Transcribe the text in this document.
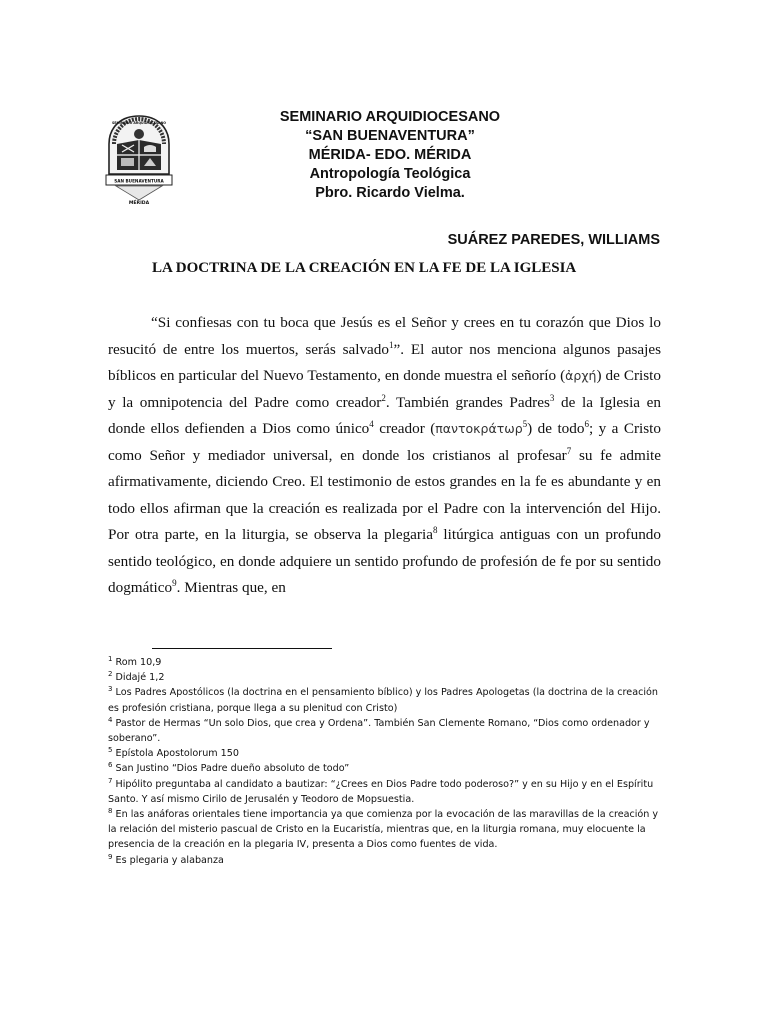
SAN BUENAVENTURA
MÉRIDA
SEMINARIO ARQUIDIOCESANO	SEMINARIO ARQUIDIOCESANO
“SAN BUENAVENTURA”
MÉRIDA- EDO. MÉRIDA
Antropología Teológica
Pbro. Ricardo Vielma.
SUÁREZ PAREDES, WILLIAMS
LA DOCTRINA DE LA CREACIÓN EN LA FE DE LA IGLESIA

“Si confiesas con tu boca que Jesús es el Señor y crees en tu corazón que Dios lo resucitó de entre los muertos, serás salvado$^1$”. El autor nos menciona algunos pasajes bíblicos en particular del Nuevo Testamento, en donde muestra el señorío (ἀρχή) de Cristo y la omnipotencia del Padre como creador$^2$. También grandes Padres$^3$ de la Iglesia en donde ellos defienden a Dios como único$^4$ creador (παντοκράτωρ$^5$) de todo$^6$; y a Cristo como Señor y mediador universal, en donde los cristianos al profesar$^7$ su fe admite afirmativamente, diciendo Creo. El testimonio de estos grandes en la fe es abundante y en todo ellos afirman que la creación es realizada por el Padre con la intervención del Hijo. Por otra parte, en la liturgia, se observa la plegaria$^8$ litúrgica antiguas con un profundo sentido teológico, en donde adquiere un sentido profundo de profesión de fe por su sentido dogmático$^9$. Mientras que, en

$^1$ Rom 10,9

$^2$ Didajé 1,2

$^3$ Los Padres Apostólicos (la doctrina en el pensamiento bíblico) y los Padres Apologetas (la doctrina de la creación es profesión cristiana, porque llega a su plenitud con Cristo)

$^4$ Pastor de Hermas “Un solo Dios, que crea y Ordena”. También San Clemente Romano, “Dios como ordenador y soberano”.

$^5$ Epístola Apostolorum 150

$^6$ San Justino “Dios Padre dueño absoluto de todo”

$^7$ Hipólito preguntaba al candidato a bautizar: “¿Crees en Dios Padre todo poderoso?” y en su Hijo y en el Espíritu Santo. Y así mismo Cirilo de Jerusalén y Teodoro de Mopsuestia.

$^8$ En las anáforas orientales tiene importancia ya que comienza por la evocación de las maravillas de la creación y la relación del misterio pascual de Cristo en la Eucaristía, mientras que, en la liturgia romana, muy elocuente la presencia de la creación en la plegaria IV, presenta a Dios como fuentes de vida.

$^9$ Es plegaria y alabanza
